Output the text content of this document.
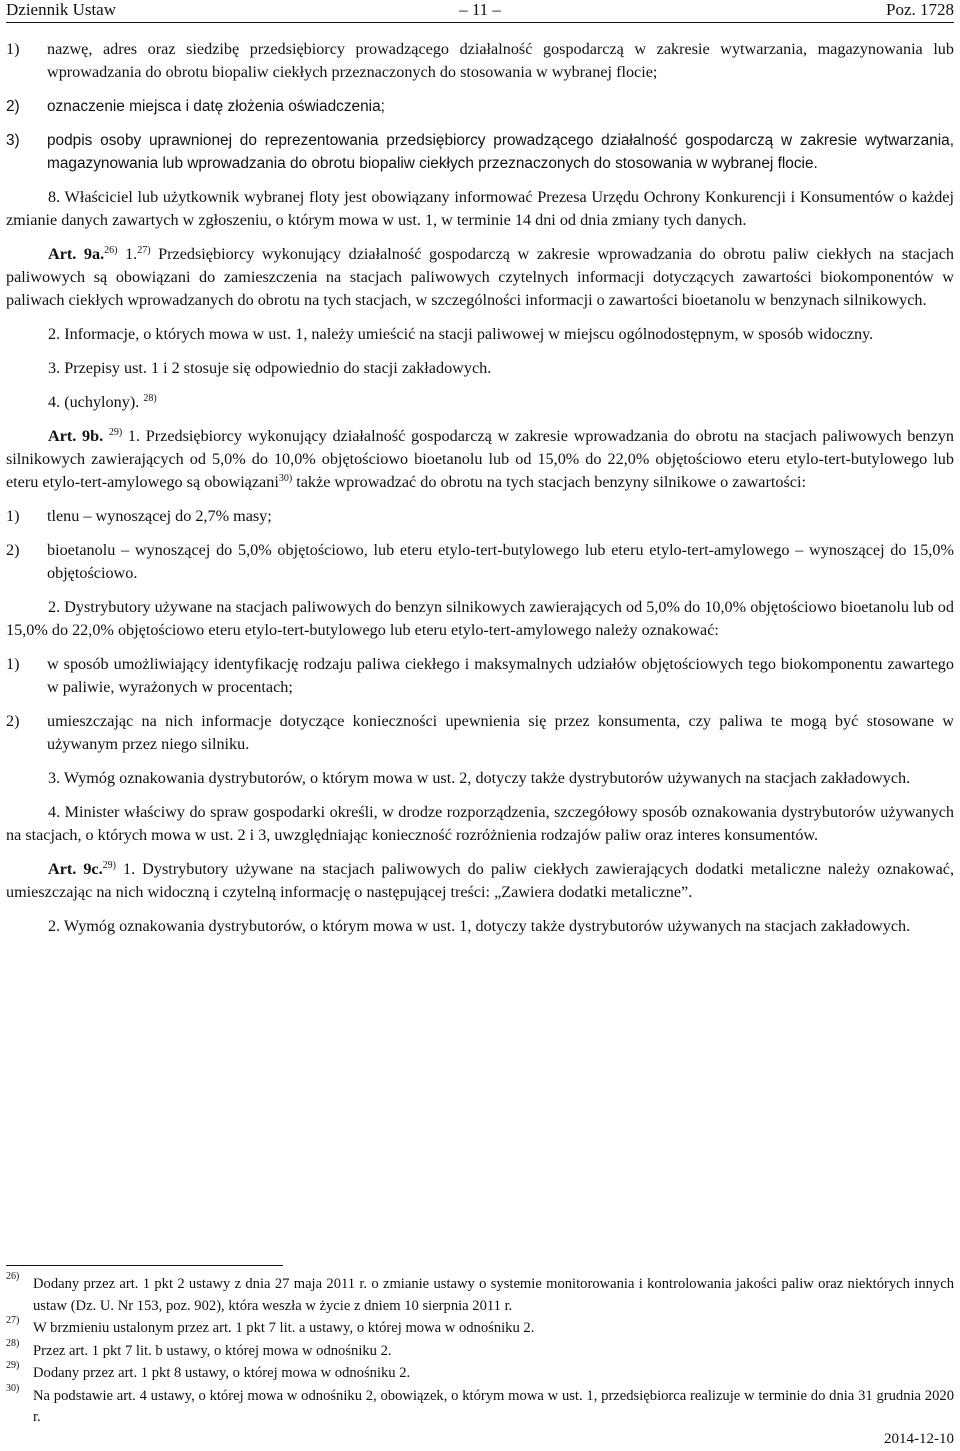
Dziennik Ustaw	– 11 –	Poz. 1728
1) nazwę, adres oraz siedzibę przedsiębiorcy prowadzącego działalność gospodarczą w zakresie wytwarzania, magazynowania lub wprowadzania do obrotu biopaliw ciekłych przeznaczonych do stosowania w wybranej flocie;
2) oznaczenie miejsca i datę złożenia oświadczenia;
3) podpis osoby uprawnionej do reprezentowania przedsiębiorcy prowadzącego działalność gospodarczą w zakresie wytwarzania, magazynowania lub wprowadzania do obrotu biopaliw ciekłych przeznaczonych do stosowania w wybranej flocie.

8. Właściciel lub użytkownik wybranej floty jest obowiązany informować Prezesa Urzędu Ochrony Konkurencji i Konsumentów o każdej zmianie danych zawartych w zgłoszeniu, o którym mowa w ust. 1, w terminie 14 dni od dnia zmiany tych danych.

Art. 9a.$^{26)}$ 1.$^{27)}$ Przedsiębiorcy wykonujący działalność gospodarczą w zakresie wprowadzania do obrotu paliw ciekłych na stacjach paliwowych są obowiązani do zamieszczenia na stacjach paliwowych czytelnych informacji dotyczących zawartości biokomponentów w paliwach ciekłych wprowadzanych do obrotu na tych stacjach, w szczególności informacji o zawartości bioetanolu w benzynach silnikowych.

2. Informacje, o których mowa w ust. 1, należy umieścić na stacji paliwowej w miejscu ogólnodostępnym, w sposób widoczny.

3. Przepisy ust. 1 i 2 stosuje się odpowiednio do stacji zakładowych.

4. (uchylony). $^{28)}$

Art. 9b. $^{29)}$ 1. Przedsiębiorcy wykonujący działalność gospodarczą w zakresie wprowadzania do obrotu na stacjach paliwowych benzyn silnikowych zawierających od 5,0% do 10,0% objętościowo bioetanolu lub od 15,0% do 22,0% objętościowo eteru etylo-tert-butylowego lub eteru etylo-tert-amylowego są obowiązani$^{30)}$ także wprowadzać do obrotu na tych stacjach benzyny silnikowe o zawartości:

1) tlenu – wynoszącej do 2,7% masy;
2) bioetanolu – wynoszącej do 5,0% objętościowo, lub eteru etylo-tert-butylowego lub eteru etylo-tert-amylowego – wynoszącej do 15,0% objętościowo.

2. Dystrybutory używane na stacjach paliwowych do benzyn silnikowych zawierających od 5,0% do 10,0% objętościowo bioetanolu lub od 15,0% do 22,0% objętościowo eteru etylo-tert-butylowego lub eteru etylo-tert-amylowego należy oznakować:

1) w sposób umożliwiający identyfikację rodzaju paliwa ciekłego i maksymalnych udziałów objętościowych tego biokomponentu zawartego w paliwie, wyrażonych w procentach;
2) umieszczając na nich informacje dotyczące konieczności upewnienia się przez konsumenta, czy paliwa te mogą być stosowane w używanym przez niego silniku.

3. Wymóg oznakowania dystrybutorów, o którym mowa w ust. 2, dotyczy także dystrybutorów używanych na stacjach zakładowych.

4. Minister właściwy do spraw gospodarki określi, w drodze rozporządzenia, szczegółowy sposób oznakowania dystrybutorów używanych na stacjach, o których mowa w ust. 2 i 3, uwzględniając konieczność rozróżnienia rodzajów paliw oraz interes konsumentów.

Art. 9c.$^{29)}$ 1. Dystrybutory używane na stacjach paliwowych do paliw ciekłych zawierających dodatki metaliczne należy oznakować, umieszczając na nich widoczną i czytelną informację o następującej treści: „Zawiera dodatki metaliczne”.

2. Wymóg oznakowania dystrybutorów, o którym mowa w ust. 1, dotyczy także dystrybutorów używanych na stacjach zakładowych.

26) Dodany przez art. 1 pkt 2 ustawy z dnia 27 maja 2011 r. o zmianie ustawy o systemie monitorowania i kontrolowania jakości paliw oraz niektórych innych ustaw (Dz. U. Nr 153, poz. 902), która weszła w życie z dniem 10 sierpnia 2011 r.
27) W brzmieniu ustalonym przez art. 1 pkt 7 lit. a ustawy, o której mowa w odnośniku 2.
28) Przez art. 1 pkt 7 lit. b ustawy, o której mowa w odnośniku 2.
29) Dodany przez art. 1 pkt 8 ustawy, o której mowa w odnośniku 2.
30) Na podstawie art. 4 ustawy, o której mowa w odnośniku 2, obowiązek, o którym mowa w ust. 1, przedsiębiorca realizuje w terminie do dnia 31 grudnia 2020 r.
2014-12-10
